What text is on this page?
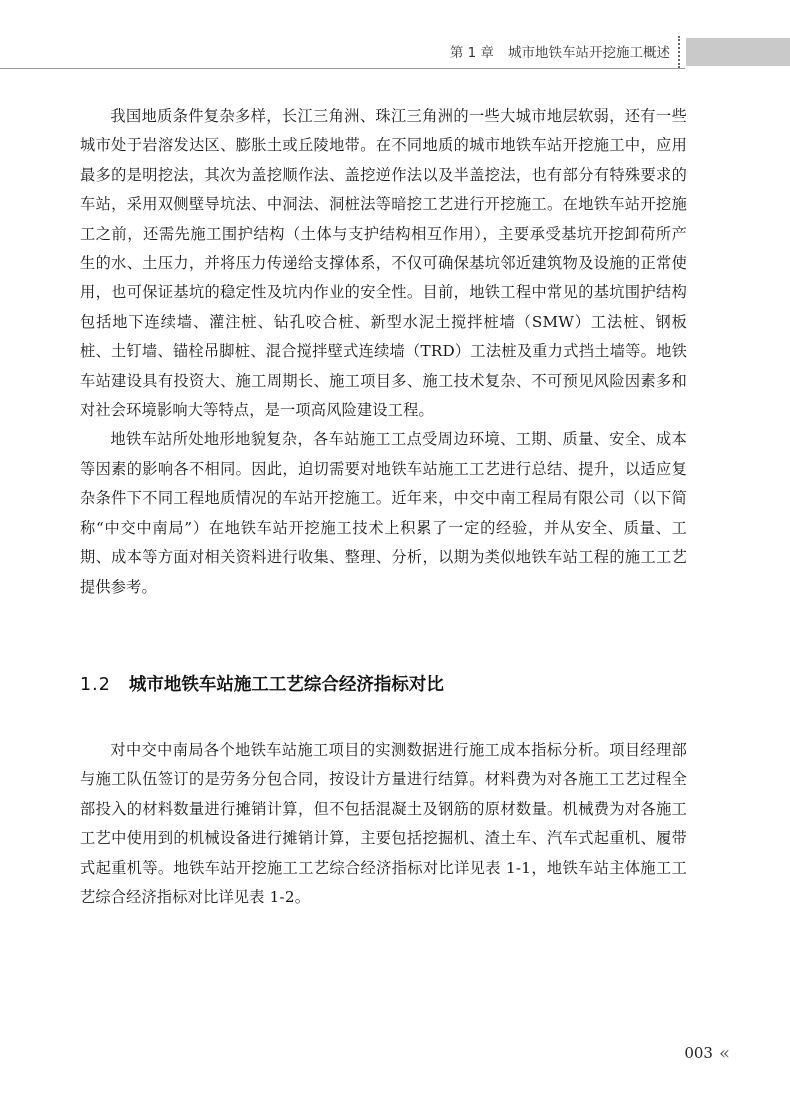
第 1 章 城市地铁车站开挖施工概述

我国地质条件复杂多样，长江三角洲、珠江三角洲的一些大城市地层软弱，还有一些城市处于岩溶发达区、膨胀土或丘陵地带。在不同地质的城市地铁车站开挖施工中，应用最多的是明挖法，其次为盖挖顺作法、盖挖逆作法以及半盖挖法，也有部分有特殊要求的车站，采用双侧壁导坑法、中洞法、洞桩法等暗挖工艺进行开挖施工。在地铁车站开挖施工之前，还需先施工围护结构（土体与支护结构相互作用），主要承受基坑开挖卸荷所产生的水、土压力，并将压力传递给支撑体系，不仅可确保基坑邻近建筑物及设施的正常使用，也可保证基坑的稳定性及坑内作业的安全性。目前，地铁工程中常见的基坑围护结构包括地下连续墙、灌注桩、钻孔咬合桩、新型水泥土搅拌桩墙（SMW）工法桩、钢板桩、土钉墙、锚栓吊脚桩、混合搅拌壁式连续墙（TRD）工法桩及重力式挡土墙等。地铁车站建设具有投资大、施工周期长、施工项目多、施工技术复杂、不可预见风险因素多和对社会环境影响大等特点，是一项高风险建设工程。

地铁车站所处地形地貌复杂，各车站施工工点受周边环境、工期、质量、安全、成本等因素的影响各不相同。因此，迫切需要对地铁车站施工工艺进行总结、提升，以适应复杂条件下不同工程地质情况的车站开挖施工。近年来，中交中南工程局有限公司（以下简称“中交中南局”）在地铁车站开挖施工技术上积累了一定的经验，并从安全、质量、工期、成本等方面对相关资料进行收集、整理、分析，以期为类似地铁车站工程的施工工艺提供参考。

1.2 城市地铁车站施工工艺综合经济指标对比

对中交中南局各个地铁车站施工项目的实测数据进行施工成本指标分析。项目经理部与施工队伍签订的是劳务分包合同，按设计方量进行结算。材料费为对各施工工艺过程全部投入的材料数量进行摊销计算，但不包括混凝土及钢筋的原材数量。机械费为对各施工工艺中使用到的机械设备进行摊销计算，主要包括挖掘机、渣土车、汽车式起重机、履带式起重机等。地铁车站开挖施工工艺综合经济指标对比详见表 1-1，地铁车站主体施工工艺综合经济指标对比详见表 1-2。

003 «
